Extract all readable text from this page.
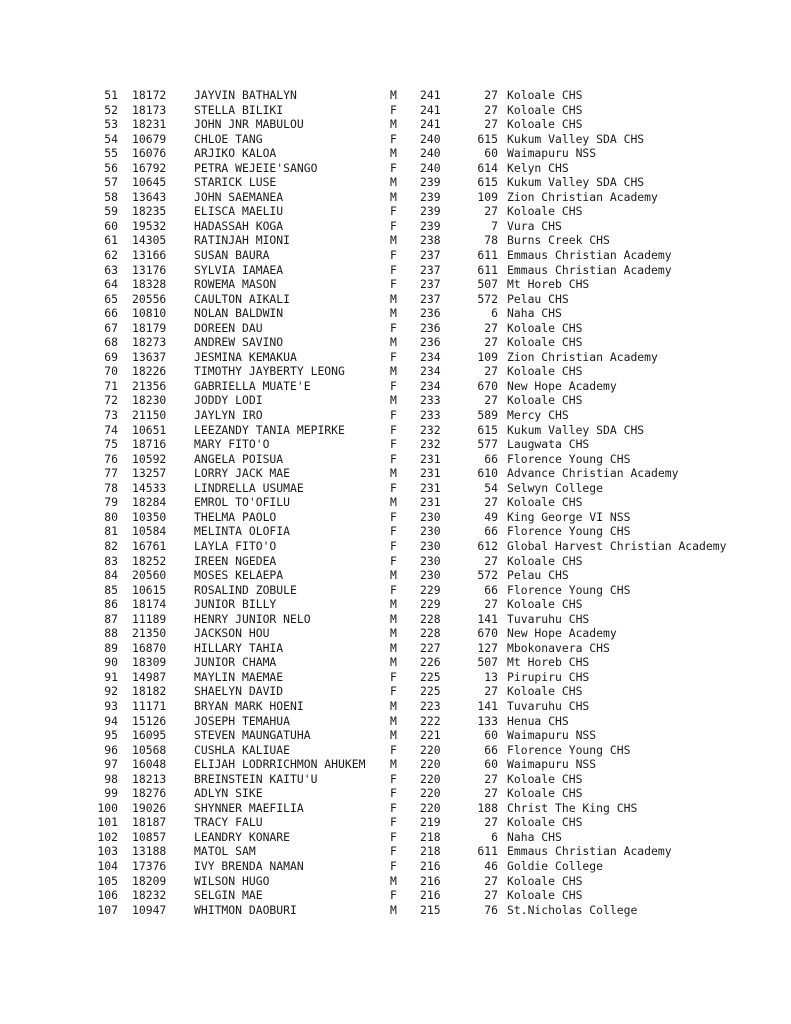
51	18172	JAYVIN BATHALYN	M	241	27	Koloale CHS
52	18173	STELLA BILIKI	F	241	27	Koloale CHS
53	18231	JOHN JNR MABULOU	M	241	27	Koloale CHS
54	10679	CHLOE TANG	F	240	615	Kukum Valley SDA CHS
55	16076	ARJIKO KALOA	M	240	60	Waimapuru NSS
56	16792	PETRA WEJEIE'SANGO	F	240	614	Kelyn CHS
57	10645	STARICK LUSE	M	239	615	Kukum Valley SDA CHS
58	13643	JOHN SAEMANEA	M	239	109	Zion Christian Academy
59	18235	ELISCA MAELIU	F	239	27	Koloale CHS
60	19532	HADASSAH KOGA	F	239	7	Vura CHS
61	14305	RATINJAH MIONI	M	238	78	Burns Creek CHS
62	13166	SUSAN BAURA	F	237	611	Emmaus Christian Academy
63	13176	SYLVIA IAMAEA	F	237	611	Emmaus Christian Academy
64	18328	ROWEMA MASON	F	237	507	Mt Horeb CHS
65	20556	CAULTON AIKALI	M	237	572	Pelau CHS
66	10810	NOLAN BALDWIN	M	236	6	Naha CHS
67	18179	DOREEN DAU	F	236	27	Koloale CHS
68	18273	ANDREW SAVINO	M	236	27	Koloale CHS
69	13637	JESMINA KEMAKUA	F	234	109	Zion Christian Academy
70	18226	TIMOTHY JAYBERTY LEONG	M	234	27	Koloale CHS
71	21356	GABRIELLA MUATE'E	F	234	670	New Hope Academy
72	18230	JODDY LODI	M	233	27	Koloale CHS
73	21150	JAYLYN IRO	F	233	589	Mercy CHS
74	10651	LEEZANDY TANIA MEPIRKE	F	232	615	Kukum Valley SDA CHS
75	18716	MARY FITO'O	F	232	577	Laugwata CHS
76	10592	ANGELA POISUA	F	231	66	Florence Young CHS
77	13257	LORRY JACK MAE	M	231	610	Advance Christian Academy
78	14533	LINDRELLA USUMAE	F	231	54	Selwyn College
79	18284	EMROL TO'OFILU	M	231	27	Koloale CHS
80	10350	THELMA PAOLO	F	230	49	King George VI NSS
81	10584	MELINTA OLOFIA	F	230	66	Florence Young CHS
82	16761	LAYLA FITO'O	F	230	612	Global Harvest Christian Academy
83	18252	IREEN NGEDEA	F	230	27	Koloale CHS
84	20560	MOSES KELAEPA	M	230	572	Pelau CHS
85	10615	ROSALIND ZOBULE	F	229	66	Florence Young CHS
86	18174	JUNIOR BILLY	M	229	27	Koloale CHS
87	11189	HENRY JUNIOR NELO	M	228	141	Tuvaruhu CHS
88	21350	JACKSON HOU	M	228	670	New Hope Academy
89	16870	HILLARY TAHIA	M	227	127	Mbokonavera CHS
90	18309	JUNIOR CHAMA	M	226	507	Mt Horeb CHS
91	14987	MAYLIN MAEMAE	F	225	13	Pirupiru CHS
92	18182	SHAELYN DAVID	F	225	27	Koloale CHS
93	11171	BRYAN MARK HOENI	M	223	141	Tuvaruhu CHS
94	15126	JOSEPH TEMAHUA	M	222	133	Henua CHS
95	16095	STEVEN MAUNGATUHA	M	221	60	Waimapuru NSS
96	10568	CUSHLA KALIUAE	F	220	66	Florence Young CHS
97	16048	ELIJAH LODRRICHMON AHUKEM	M	220	60	Waimapuru NSS
98	18213	BREINSTEIN KAITU'U	F	220	27	Koloale CHS
99	18276	ADLYN SIKE	F	220	27	Koloale CHS
100	19026	SHYNNER MAEFILIA	F	220	188	Christ The King CHS
101	18187	TRACY FALU	F	219	27	Koloale CHS
102	10857	LEANDRY KONARE	F	218	6	Naha CHS
103	13188	MATOL SAM	F	218	611	Emmaus Christian Academy
104	17376	IVY BRENDA NAMAN	F	216	46	Goldie College
105	18209	WILSON HUGO	M	216	27	Koloale CHS
106	18232	SELGIN MAE	F	216	27	Koloale CHS
107	10947	WHITMON DAOBURI	M	215	76	St.Nicholas College
